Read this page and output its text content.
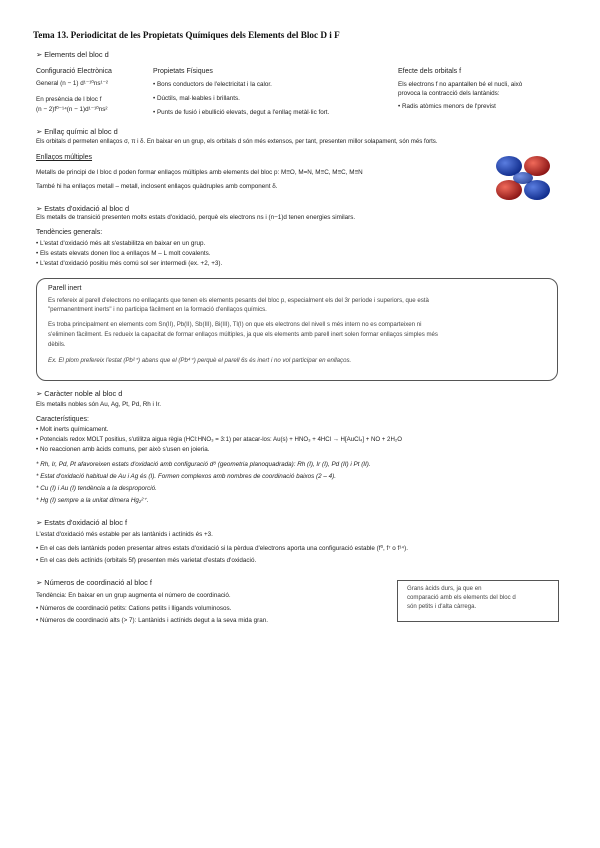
Tema 13. Periodicitat de les Propietats Químiques dels Elements del Bloc D i F
➢ Elements del bloc d
Configuració Electrònica
General (n − 1) d¹⁻¹⁰ns¹⁻²
En presència de l bloc f
(n − 2)f⁰⁻¹⁴(n − 1)d¹⁻¹⁰ns²
Propietats Físiques
• Bons conductors de l'electricitat i la calor.
• Dúctils, mal·leables i brillants.
• Punts de fusió i ebullició elevats, degut a l'enllaç metàl·lic fort.
Efecte dels orbitals f
Els electrons f no apantallen bé el nucli, això
provoca la contracció dels lantànids:
• Radis atòmics menors de l'previst
➢ Enllaç químic al bloc d
Els orbitals d permeten enllaços σ, π i δ. En baixar en un grup, els orbitals d són més extensos, per tant, presenten millor solapament, són més forts.
Enllaços múltiples
Metalls de principi de l bloc d poden formar enllaços múltiples amb elements del bloc p: M≡O, M=N, M≡C, M≡C, M≡N
També hi ha enllaços metall – metall, inclosent enllaços quàdruples amb component δ.
➢ Estats d'oxidació al bloc d
Els metalls de transició presenten molts estats d'oxidació, perquè els electrons ns i (n−1)d tenen energies similars.
Tendències generals:
• L'estat d'oxidació més alt s'estabilitza en baixar en un grup.
• Els estats elevats donen lloc a enllaços M – L molt covalents.
• L'estat d'oxidació positiu més comú sol ser intermedi (ex. +2, +3).
Parell inert
Es refereix al parell d'electrons no enllaçants que tenen els elements pesants del bloc p, especialment els del 3r període i superiors, que està
"permanentment inerts" i no participa fàcilment en la formació d'enllaços químics.
Es troba principalment en elements com Sn(II), Pb(II), Sb(III), Bi(III), Tl(I) on que els electrons del nivell s més intern no es comparteixen ni
s'eliminen fàcilment. Es redueix la capacitat de formar enllaços múltiples, ja que els elements amb parell inert solen formar enllaços simples més
dèbils.
Ex. El plom prefereix l'estat (Pb²⁺) abans que el (Pb⁴⁺) perquè el parell 6s és inert i no vol participar en enllaços.
➢ Caràcter noble al bloc d
Els metalls nobles són Au, Ag, Pt, Pd, Rh i Ir.
Característiques:
• Molt inerts químicament.
• Potencials redox MOLT positius, s'utilitza aigua règia (HCl:HNO₃ = 3:1) per atacar-los: Au(s) + HNO₃ + 4HCl → H[AuCl₄] + NO + 2H₂O
• No reaccionen amb àcids comuns, per això s'usen en joieria.
* Rh, Ir, Pd, Pt afavoreixen estats d'oxidació amb configuració d⁸ (geometria planoquadrada): Rh (I), Ir (I), Pd (II) i Pt (II).
* Estat d'oxidació habitual de Au i Ag és (I). Formen complexos amb nombres de coordinació baixos (2 – 4).
* Cu (I) i Au (I) tendència a la desproporció.
* Hg (I) sempre a la unitat dímera Hg₂²⁺.
➢ Estats d'oxidació al bloc f
L'estat d'oxidació més estable per als lantànids i actínids és +3.
• En el cas dels lantànids poden presentar altres estats d'oxidació si la pèrdua d'electrons aporta una configuració estable (f⁰, f⁷ o f¹⁴).
• En el cas dels actínids (orbitals 5f) presenten més varietat d'estats d'oxidació.
➢ Números de coordinació al bloc f
Tendència: En baixar en un grup augmenta el número de coordinació.
• Números de coordinació petits: Cations petits i lligands voluminosos.
• Números de coordinació alts (> 7): Lantànids i actínids degut a la seva mida gran.
Grans àcids durs, ja que en
comparació amb els elements del bloc d
són petits i d'alta càrrega.
